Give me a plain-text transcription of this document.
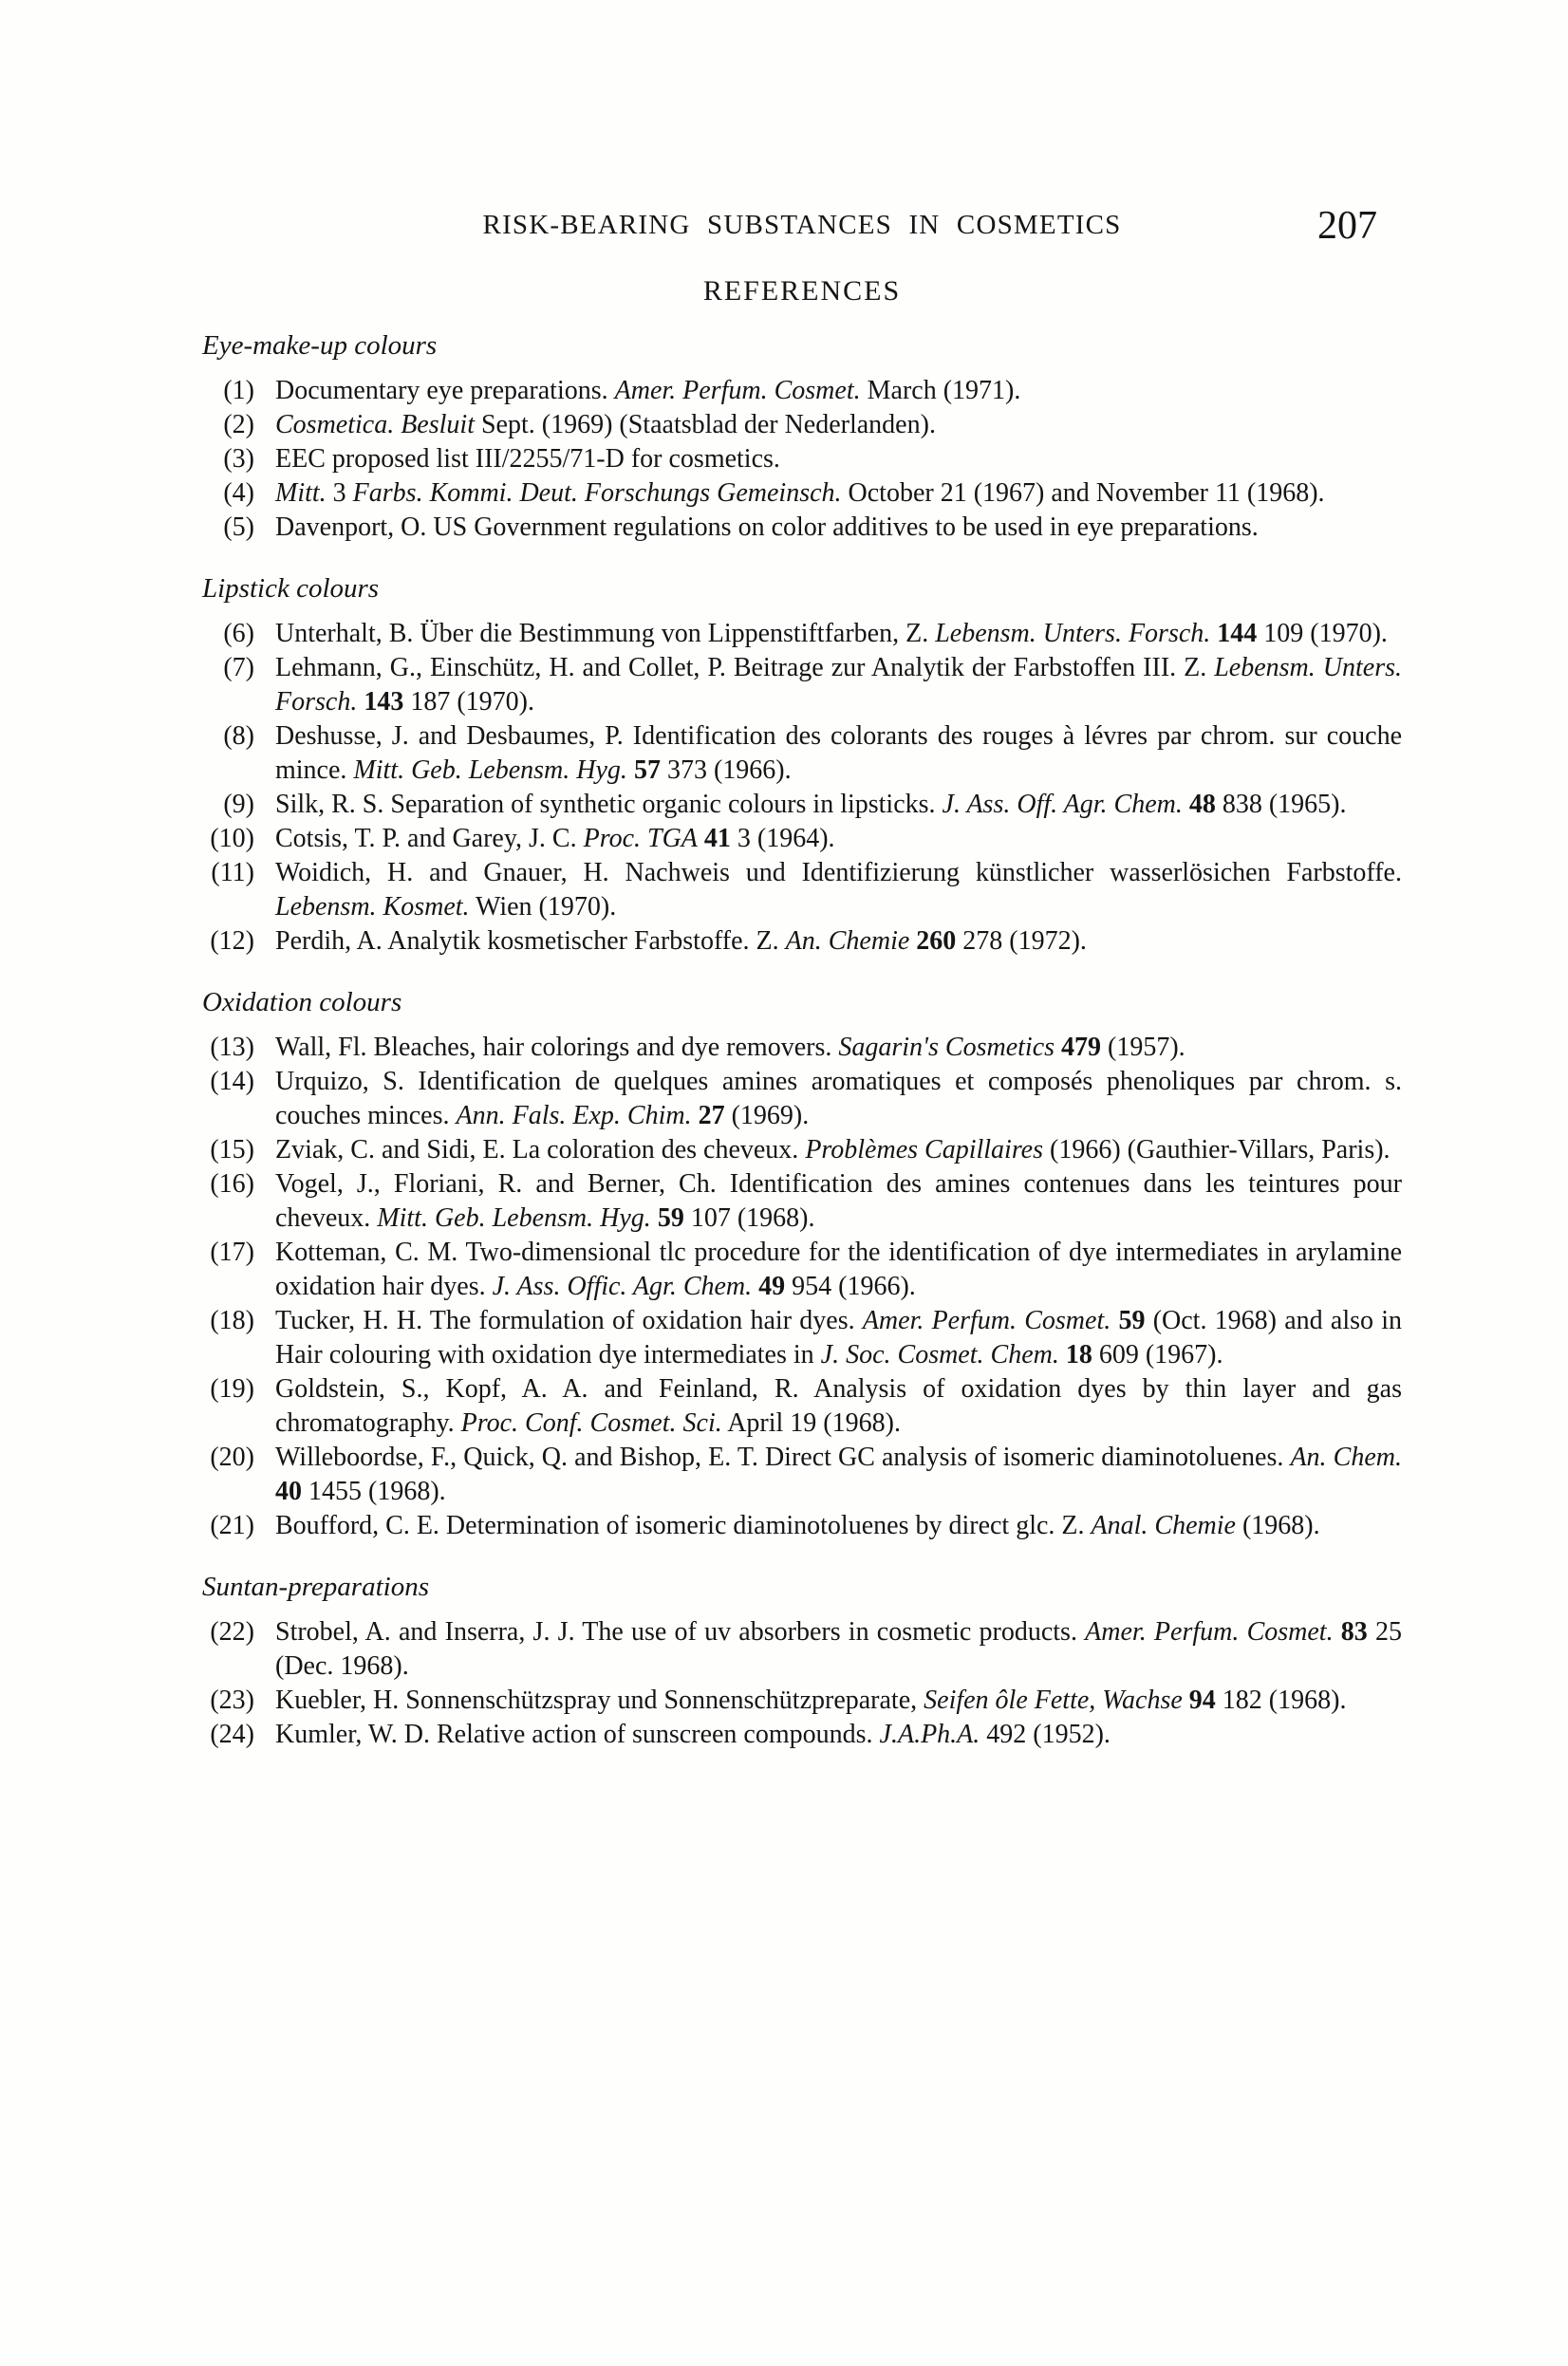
RISK-BEARING SUBSTANCES IN COSMETICS	207
REFERENCES
Eye-make-up colours
(1) Documentary eye preparations. Amer. Perfum. Cosmet. March (1971).
(2) Cosmetica. Besluit Sept. (1969) (Staatsblad der Nederlanden).
(3) EEC proposed list III/2255/71-D for cosmetics.
(4) Mitt. 3 Farbs. Kommi. Deut. Forschungs Gemeinsch. October 21 (1967) and November 11 (1968).
(5) Davenport, O. US Government regulations on color additives to be used in eye preparations.
Lipstick colours
(6) Unterhalt, B. Über die Bestimmung von Lippenstiftfarben, Z. Lebensm. Unters. Forsch. 144 109 (1970).
(7) Lehmann, G., Einschütz, H. and Collet, P. Beitrage zur Analytik der Farbstoffen III. Z. Lebensm. Unters. Forsch. 143 187 (1970).
(8) Deshusse, J. and Desbaumes, P. Identification des colorants des rouges à lévres par chrom. sur couche mince. Mitt. Geb. Lebensm. Hyg. 57 373 (1966).
(9) Silk, R. S. Separation of synthetic organic colours in lipsticks. J. Ass. Off. Agr. Chem. 48 838 (1965).
(10) Cotsis, T. P. and Garey, J. C. Proc. TGA 41 3 (1964).
(11) Woidich, H. and Gnauer, H. Nachweis und Identifizierung künstlicher wasserlösichen Farbstoffe. Lebensm. Kosmet. Wien (1970).
(12) Perdih, A. Analytik kosmetischer Farbstoffe. Z. An. Chemie 260 278 (1972).
Oxidation colours
(13) Wall, Fl. Bleaches, hair colorings and dye removers. Sagarin's Cosmetics 479 (1957).
(14) Urquizo, S. Identification de quelques amines aromatiques et composés phenoliques par chrom. s. couches minces. Ann. Fals. Exp. Chim. 27 (1969).
(15) Zviak, C. and Sidi, E. La coloration des cheveux. Problèmes Capillaires (1966) (Gauthier-Villars, Paris).
(16) Vogel, J., Floriani, R. and Berner, Ch. Identification des amines contenues dans les teintures pour cheveux. Mitt. Geb. Lebensm. Hyg. 59 107 (1968).
(17) Kotteman, C. M. Two-dimensional tlc procedure for the identification of dye intermediates in arylamine oxidation hair dyes. J. Ass. Offic. Agr. Chem. 49 954 (1966).
(18) Tucker, H. H. The formulation of oxidation hair dyes. Amer. Perfum. Cosmet. 59 (Oct. 1968) and also in Hair colouring with oxidation dye intermediates in J. Soc. Cosmet. Chem. 18 609 (1967).
(19) Goldstein, S., Kopf, A. A. and Feinland, R. Analysis of oxidation dyes by thin layer and gas chromatography. Proc. Conf. Cosmet. Sci. April 19 (1968).
(20) Willeboordse, F., Quick, Q. and Bishop, E. T. Direct GC analysis of isomeric diaminotoluenes. An. Chem. 40 1455 (1968).
(21) Boufford, C. E. Determination of isomeric diaminotoluenes by direct glc. Z. Anal. Chemie (1968).
Suntan-preparations
(22) Strobel, A. and Inserra, J. J. The use of uv absorbers in cosmetic products. Amer. Perfum. Cosmet. 83 25 (Dec. 1968).
(23) Kuebler, H. Sonnenschützspray und Sonnenschützpreparate, Seifen ôle Fette, Wachse 94 182 (1968).
(24) Kumler, W. D. Relative action of sunscreen compounds. J.A.Ph.A. 492 (1952).
